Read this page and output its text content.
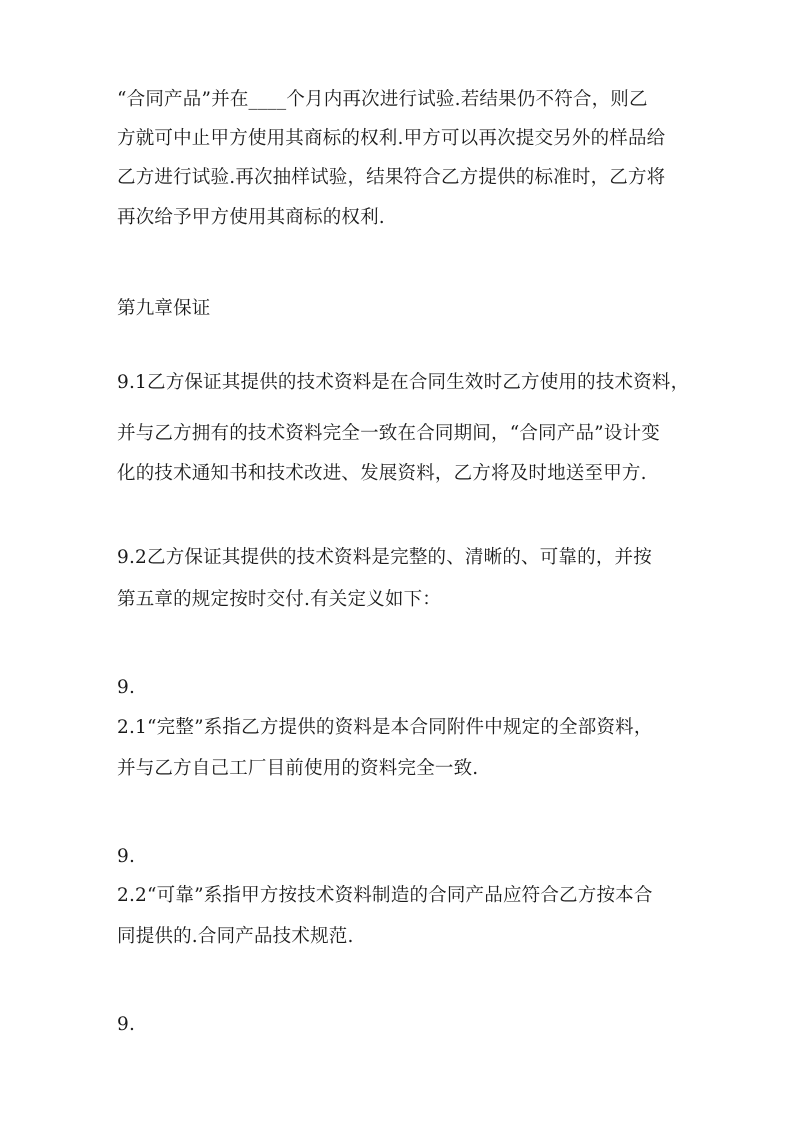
“合同产品”并在____个月内再次进行试验.若结果仍不符合，则乙
方就可中止甲方使用其商标的权利.甲方可以再次提交另外的样品给
乙方进行试验.再次抽样试验，结果符合乙方提供的标准时，乙方将
再次给予甲方使用其商标的权利.
第九章保证
9.1乙方保证其提供的技术资料是在合同生效时乙方使用的技术资料，
并与乙方拥有的技术资料完全一致在合同期间，“合同产品”设计变
化的技术通知书和技术改进、发展资料，乙方将及时地送至甲方.
9.2乙方保证其提供的技术资料是完整的、清晰的、可靠的，并按
第五章的规定按时交付.有关定义如下：
9.
2.1“完整”系指乙方提供的资料是本合同附件中规定的全部资料，
并与乙方自己工厂目前使用的资料完全一致.
9.
2.2“可靠”系指甲方按技术资料制造的合同产品应符合乙方按本合
同提供的.合同产品技术规范.
9.
